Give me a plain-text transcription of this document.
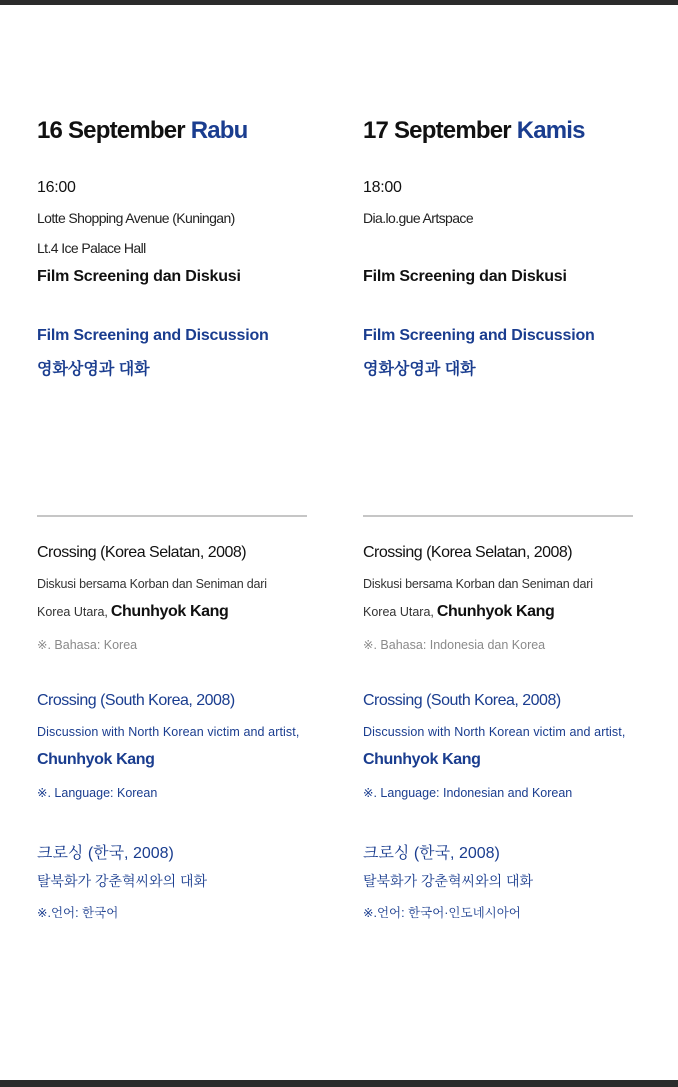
16 September Rabu
16:00
Lotte Shopping Avenue (Kuningan)
Lt.4 Ice Palace Hall
Film Screening dan Diskusi
Film Screening and Discussion
영화상영과 대화
Crossing (Korea Selatan, 2008)
Diskusi bersama Korban dan Seniman dari
Korea Utara, Chunhyok Kang
※. Bahasa: Korea
Crossing (South Korea, 2008)
Discussion with North Korean victim and artist,
Chunhyok Kang
※. Language: Korean
크로싱 (한국, 2008)
탈북화가 강춘혁씨와의 대화
※.언어: 한국어
17 September Kamis
18:00
Dia.lo.gue Artspace
Film Screening dan Diskusi
Film Screening and Discussion
영화상영과 대화
Crossing (Korea Selatan, 2008)
Diskusi bersama Korban dan Seniman dari
Korea Utara, Chunhyok Kang
※. Bahasa: Indonesia dan Korea
Crossing (South Korea, 2008)
Discussion with North Korean victim and artist,
Chunhyok Kang
※. Language: Indonesian and Korean
크로싱 (한국, 2008)
탈북화가 강춘혁씨와의 대화
※.언어: 한국어·인도네시아어
